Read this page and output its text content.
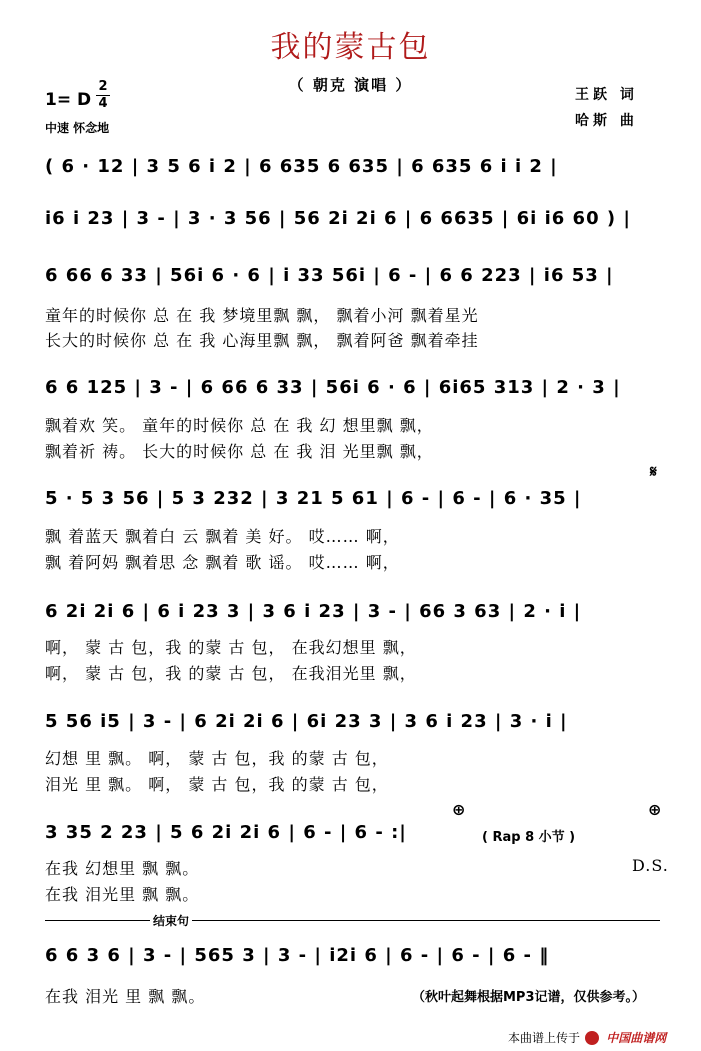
我的蒙古包
（ 朝克 演唱 ）
1= D
2
4
中速 怀念地
王跃 词
哈斯 曲
( 6 · 12 | 3 5 6 i 2 | 6 635 6 635 | 6 635 6 i i 2 |
i6 i 23 | 3 - | 3 · 3 56 | 56 2i 2i 6 | 6 6635 | 6i i6 60 ) |
6 66 6 33 | 56i 6 · 6 | i 33 56i | 6 - | 6 6 223 | i6 53 |
童年的时候你 总 在 我 梦境里飘 飘， 飘着小河 飘着星光
长大的时候你 总 在 我 心海里飘 飘， 飘着阿爸 飘着牵挂
6 6 125 | 3 - | 6 66 6 33 | 56i 6 · 6 | 6i65 313 | 2 · 3 |
飘着欢 笑。 童年的时候你 总 在 我 幻 想里飘 飘，
飘着祈 祷。 长大的时候你 总 在 我 泪 光里飘 飘，
𝄋
5 · 5 3 56 | 5 3 232 | 3 21 5 61 | 6 - | 6 - | 6 · 35 |
飘 着蓝天 飘着白 云 飘着 美 好。 哎…… 啊，
飘 着阿妈 飘着思 念 飘着 歌 谣。 哎…… 啊，
6 2i 2i 6 | 6 i 23 3 | 3 6 i 23 | 3 - | 66 3 63 | 2 · i |
啊， 蒙 古 包，我 的蒙 古 包， 在我幻想里 飘，
啊， 蒙 古 包，我 的蒙 古 包， 在我泪光里 飘，
5 56 i5 | 3 - | 6 2i 2i 6 | 6i 23 3 | 3 6 i 23 | 3 · i |
幻想 里 飘。 啊， 蒙 古 包，我 的蒙 古 包，
泪光 里 飘。 啊， 蒙 古 包，我 的蒙 古 包，
⊕	⊕
3 35 2 23 | 5 6 2i 2i 6 | 6 - | 6 - :|	( Rap 8 小节 )
在我 幻想里 飘 飘。
在我 泪光里 飘 飘。
D.S.
结束句
6 6 3 6 | 3 - | 565 3 | 3 - | i2i 6 | 6 - | 6 - | 6 - ‖
在我 泪光 里 飘 飘。	（秋叶起舞根据MP3记谱，仅供参考。）
本曲谱上传于 中国曲谱网
